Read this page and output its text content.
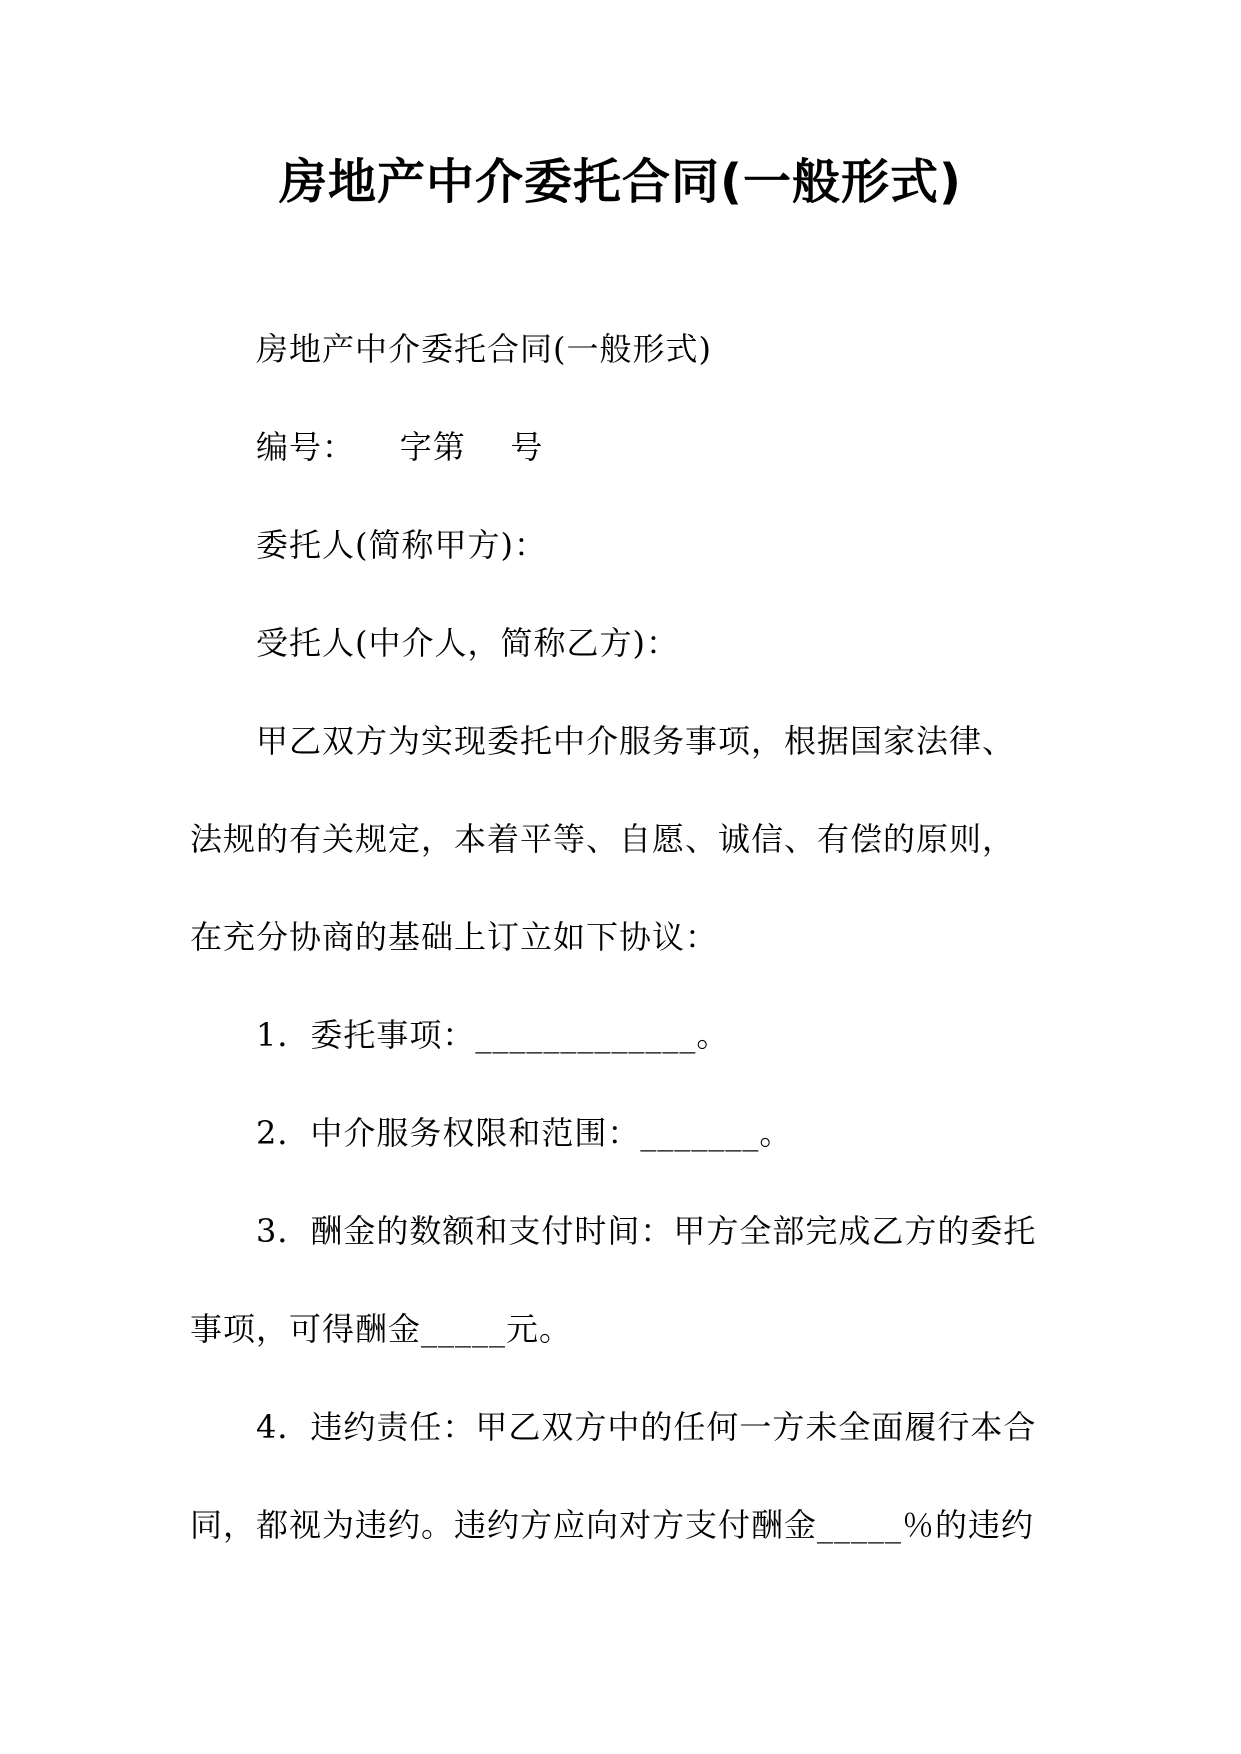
房地产中介委托合同(一般形式)
房地产中介委托合同(一般形式)
编号：    字第    号
委托人(简称甲方)：
受托人(中介人，简称乙方)：
甲乙双方为实现委托中介服务事项，根据国家法律、
法规的有关规定，本着平等、自愿、诚信、有偿的原则，
在充分协商的基础上订立如下协议：
1．委托事项：_____________。
2．中介服务权限和范围：_______。
3．酬金的数额和支付时间：甲方全部完成乙方的委托
事项，可得酬金_____元。
4．违约责任：甲乙双方中的任何一方未全面履行本合
同，都视为违约。违约方应向对方支付酬金_____％的违约
